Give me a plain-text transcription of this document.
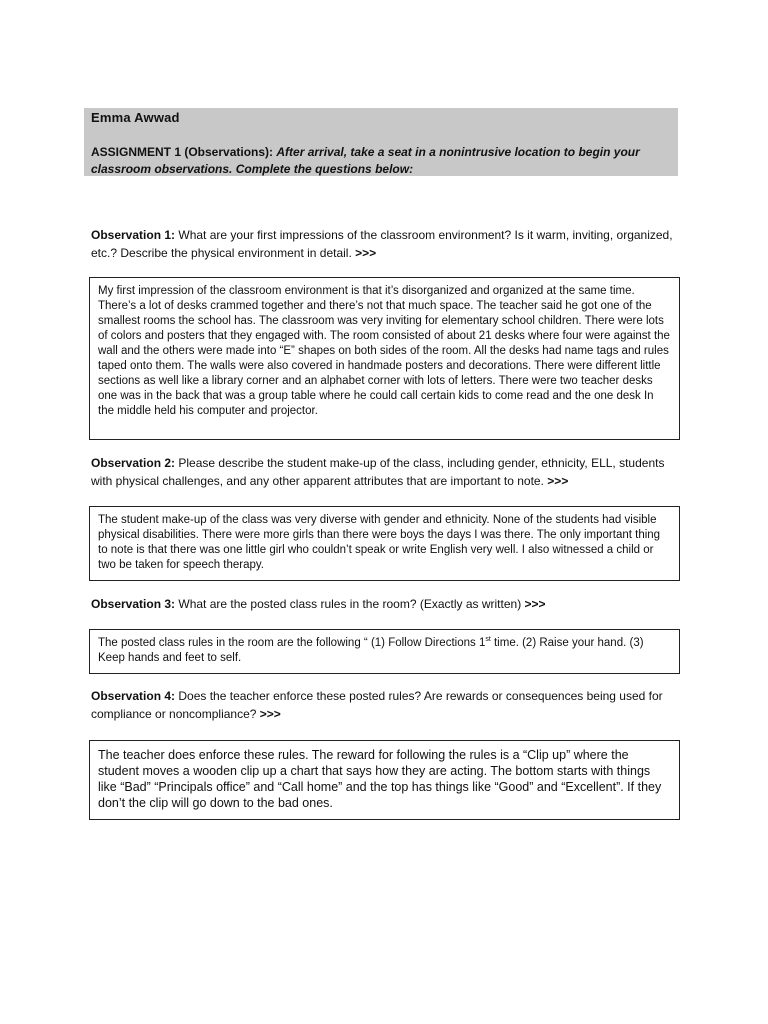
Emma Awwad
ASSIGNMENT 1 (Observations): After arrival, take a seat in a nonintrusive location to begin your classroom observations. Complete the questions below:
Observation 1: What are your first impressions of the classroom environment? Is it warm, inviting, organized, etc.? Describe the physical environment in detail. >>>
My first impression of the classroom environment is that it’s disorganized and organized at the same time. There’s a lot of desks crammed together and there’s not that much space. The teacher said he got one of the smallest rooms the school has. The classroom was very inviting for elementary school children. There were lots of colors and posters that they engaged with. The room consisted of about 21 desks where four were against the wall and the others were made into “E” shapes on both sides of the room. All the desks had name tags and rules taped onto them. The walls were also covered in handmade posters and decorations. There were different little sections as well like a library corner and an alphabet corner with lots of letters. There were two teacher desks one was in the back that was a group table where he could call certain kids to come read and the one desk In the middle held his computer and projector.
Observation 2: Please describe the student make-up of the class, including gender, ethnicity, ELL, students with physical challenges, and any other apparent attributes that are important to note. >>>
The student make-up of the class was very diverse with gender and ethnicity. None of the students had visible physical disabilities. There were more girls than there were boys the days I was there. The only important thing to note is that there was one little girl who couldn’t speak or write English very well. I also witnessed a child or two be taken for speech therapy.
Observation 3: What are the posted class rules in the room? (Exactly as written) >>>
The posted class rules in the room are the following “ (1) Follow Directions 1st time. (2) Raise your hand. (3) Keep hands and feet to self.
Observation 4: Does the teacher enforce these posted rules? Are rewards or consequences being used for compliance or noncompliance? >>>
The teacher does enforce these rules. The reward for following the rules is a “Clip up” where the student moves a wooden clip up a chart that says how they are acting. The bottom starts with things like “Bad” “Principals office” and “Call home” and the top has things like “Good” and “Excellent”. If they don’t the clip will go down to the bad ones.
